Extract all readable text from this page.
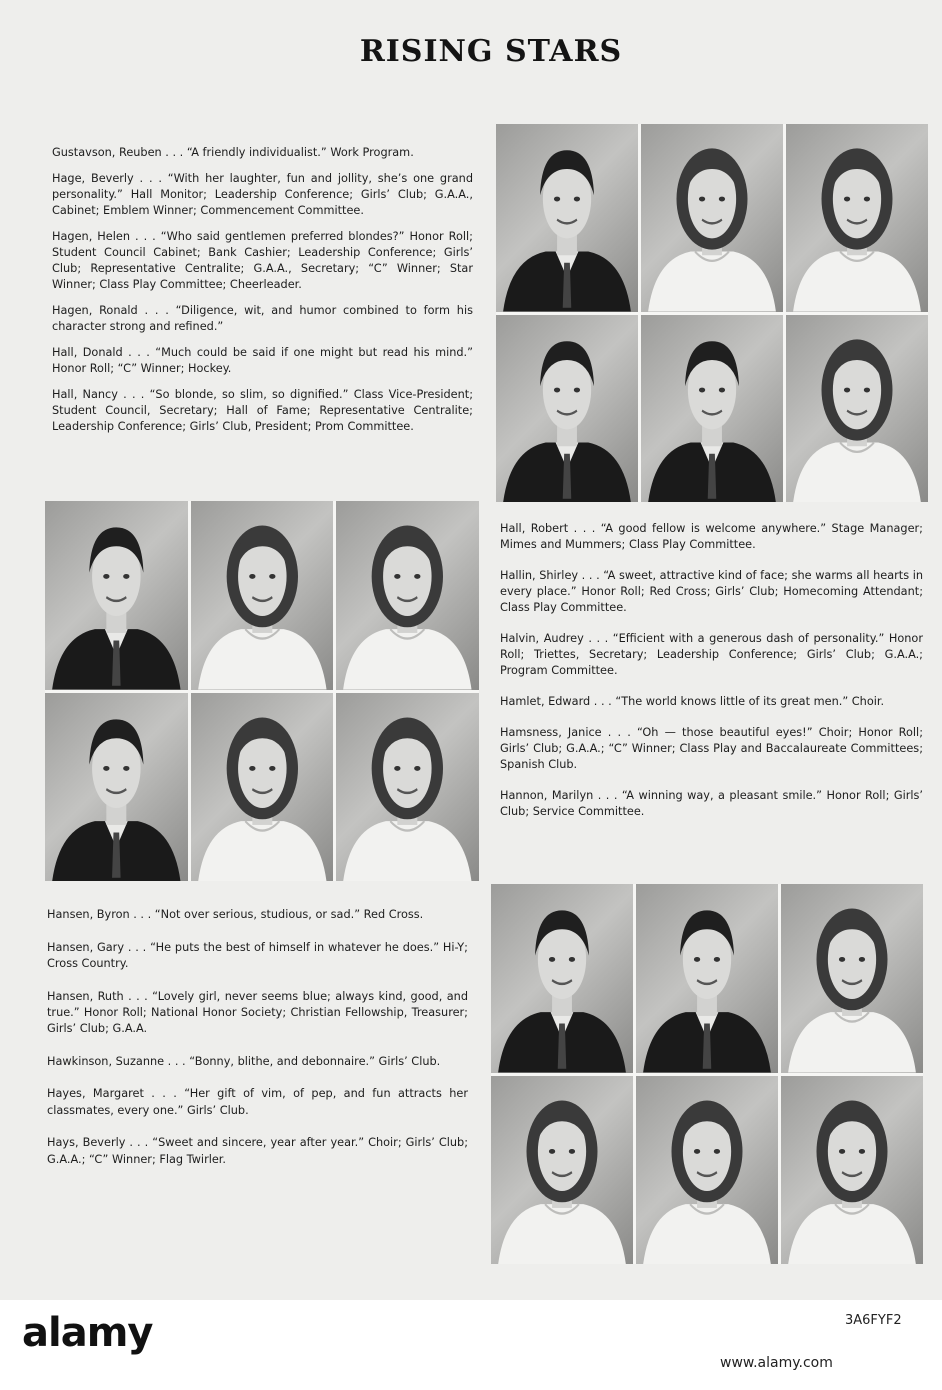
RISING STARS

Gustavson, Reuben . . . “A friendly individualist.” Work Program.

Hage, Beverly . . . “With her laughter, fun and jollity, she’s one grand personality.” Hall Monitor; Leadership Conference; Girls’ Club; G.A.A., Cabinet; Emblem Winner; Commencement Committee.

Hagen, Helen . . . “Who said gentlemen preferred blondes?” Honor Roll; Student Council Cabinet; Bank Cashier; Leadership Conference; Girls’ Club; Representative Centralite; G.A.A., Secretary; “C” Winner; Star Winner; Class Play Committee; Cheerleader.

Hagen, Ronald . . . “Diligence, wit, and humor combined to form his character strong and refined.”

Hall, Donald . . . “Much could be said if one might but read his mind.” Honor Roll; “C” Winner; Hockey.

Hall, Nancy . . . “So blonde, so slim, so dignified.” Class Vice-President; Student Council, Secretary; Hall of Fame; Representative Centralite; Leadership Conference; Girls’ Club, President; Prom Committee.

Hall, Robert . . . “A good fellow is welcome anywhere.” Stage Manager; Mimes and Mummers; Class Play Committee.

Hallin, Shirley . . . “A sweet, attractive kind of face; she warms all hearts in every place.” Honor Roll; Red Cross; Girls’ Club; Homecoming Attendant; Class Play Committee.

Halvin, Audrey . . . “Efficient with a generous dash of personality.” Honor Roll; Triettes, Secretary; Leadership Conference; Girls’ Club; G.A.A.; Program Committee.

Hamlet, Edward . . . “The world knows little of its great men.” Choir.

Hamsness, Janice . . . “Oh — those beautiful eyes!” Choir; Honor Roll; Girls’ Club; G.A.A.; “C” Winner; Class Play and Baccalaureate Committees; Spanish Club.

Hannon, Marilyn . . . “A winning way, a pleasant smile.” Honor Roll; Girls’ Club; Service Committee.

Hansen, Byron . . . “Not over serious, studious, or sad.” Red Cross.

Hansen, Gary . . . “He puts the best of himself in whatever he does.” Hi-Y; Cross Country.

Hansen, Ruth . . . “Lovely girl, never seems blue; always kind, good, and true.” Honor Roll; National Honor Society; Christian Fellowship, Treasurer; Girls’ Club; G.A.A.

Hawkinson, Suzanne . . . “Bonny, blithe, and debonnaire.” Girls’ Club.

Hayes, Margaret . . . “Her gift of vim, of pep, and fun attracts her classmates, every one.” Girls’ Club.

Hays, Beverly . . . “Sweet and sincere, year after year.” Choir; Girls’ Club; G.A.A.; “C” Winner; Flag Twirler.

alamy	3A6FYF2
www.alamy.com
